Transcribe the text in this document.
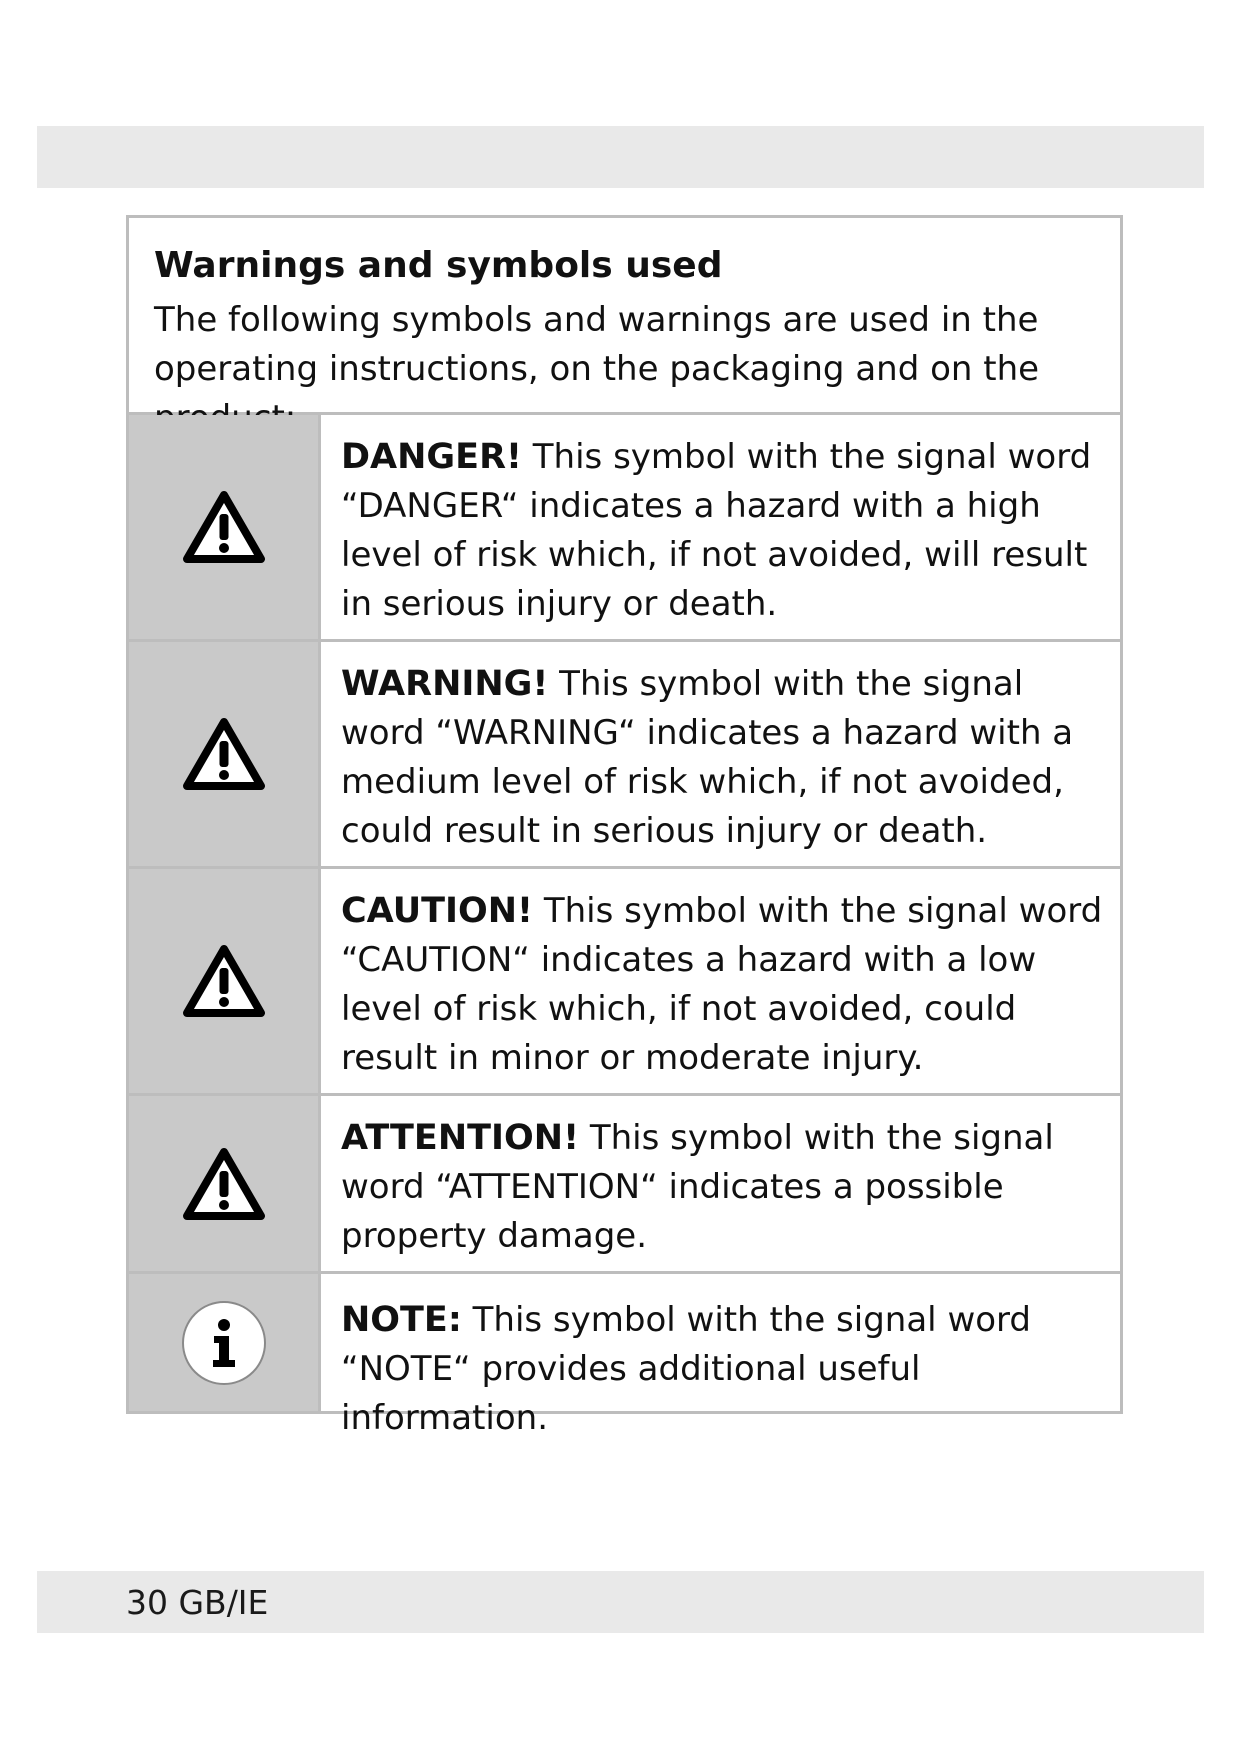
Warnings and symbols used
The following symbols and warnings are used in the operating instructions, on the packaging and on the
DANGER! This symbol with the signal word “DANGER“ indicates a hazard with a high level of risk which, if not avoided, will result in serious injury or death.
WARNING! This symbol with the signal word “WARNING“ indicates a hazard with a medium level of risk which, if not avoided, could result in serious injury or death.
CAUTION! This symbol with the signal word “CAUTION“ indicates a hazard with a low level of risk which, if not avoided, could result in minor or moderate injury.
ATTENTION! This symbol with the signal word “ATTENTION“ indicates a possible property damage.
NOTE: This symbol with the signal word “NOTE“ provides additional useful information.
30 GB/IE
